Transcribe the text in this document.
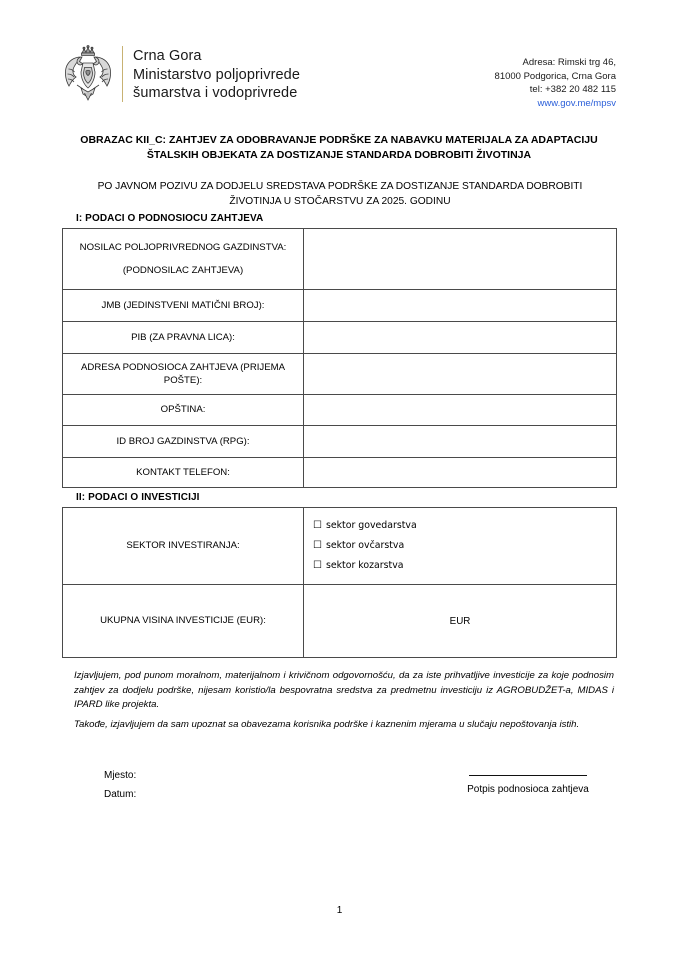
Crna Gora
Ministarstvo poljoprivrede
šumarstva i vodoprivrede
Adresa: Rimski trg 46,
81000 Podgorica, Crna Gora
tel: +382 20 482 115
www.gov.me/mpsv
OBRAZAC KII_C: ZAHTJEV ZA ODOBRAVANJE PODRŠKE ZA NABAVKU MATERIJALA ZA ADAPTACIJU ŠTALSKIH OBJEKATA ZA DOSTIZANJE STANDARDA DOBROBITI ŽIVOTINJA
PO JAVNOM POZIVU ZA DODJELU SREDSTAVA PODRŠKE ZA DOSTIZANJE STANDARDA DOBROBITI ŽIVOTINJA U STOČARSTVU ZA 2025. GODINU
I: PODACI O PODNOSIOCU ZAHTJEVA
NOSILAC POLJOPRIVREDNOG GAZDINSTVA:
(PODNOSILAC ZAHTJEVA)	

JMB (JEDINSTVENI MATIČNI BROJ):	

PIB (ZA PRAVNA LICA):	

ADRESA PODNOSIOCA ZAHTJEVA (PRIJEMA POŠTE):	
OPŠTINA:	
ID BROJ GAZDINSTVA (RPG):	

KONTAKT TELEFON:	
II: PODACI O INVESTICIJI
SEKTOR INVESTIRANJA:	☐ sektor govedarstva
☐ sektor ovčarstva
☐ sektor kozarstva

UKUPNA VISINA INVESTICIJE (EUR):	EUR
Izjavljujem, pod punom moralnom, materijalnom i krivičnom odgovornošću, da za iste prihvatljive investicije za koje podnosim zahtjev za dodjelu podrške, nijesam koristio/la bespovratna sredstva za predmetnu investiciju iz AGROBUDŽET-a, MIDAS i IPARD like projekta.
Takođe, izjavljujem da sam upoznat sa obavezama korisnika podrške i kaznenim mjerama u slučaju nepoštovanja istih.
Mjesto:
Datum:	Potpis podnosioca zahtjeva
1
